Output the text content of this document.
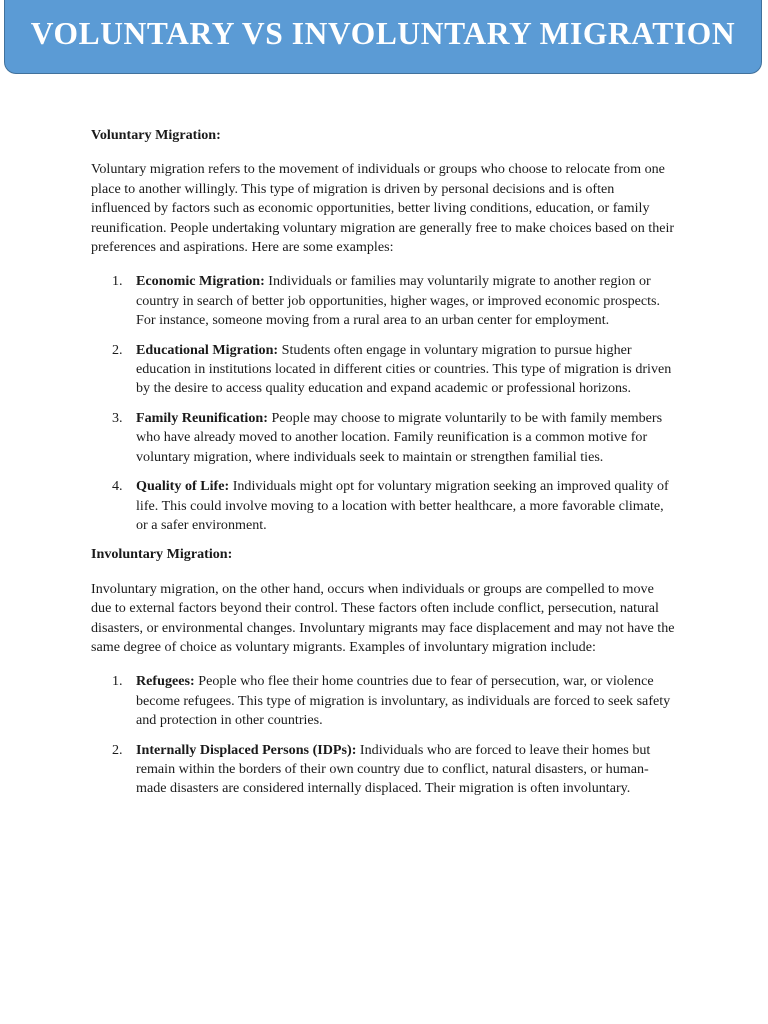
VOLUNTARY VS INVOLUNTARY MIGRATION

Voluntary Migration:

Voluntary migration refers to the movement of individuals or groups who choose to relocate from one place to another willingly. This type of migration is driven by personal decisions and is often influenced by factors such as economic opportunities, better living conditions, education, or family reunification. People undertaking voluntary migration are generally free to make choices based on their preferences and aspirations. Here are some examples:

1. Economic Migration: Individuals or families may voluntarily migrate to another region or country in search of better job opportunities, higher wages, or improved economic prospects. For instance, someone moving from a rural area to an urban center for employment.
2. Educational Migration: Students often engage in voluntary migration to pursue higher education in institutions located in different cities or countries. This type of migration is driven by the desire to access quality education and expand academic or professional horizons.
3. Family Reunification: People may choose to migrate voluntarily to be with family members who have already moved to another location. Family reunification is a common motive for voluntary migration, where individuals seek to maintain or strengthen familial ties.
4. Quality of Life: Individuals might opt for voluntary migration seeking an improved quality of life. This could involve moving to a location with better healthcare, a more favorable climate, or a safer environment.

Involuntary Migration:

Involuntary migration, on the other hand, occurs when individuals or groups are compelled to move due to external factors beyond their control. These factors often include conflict, persecution, natural disasters, or environmental changes. Involuntary migrants may face displacement and may not have the same degree of choice as voluntary migrants. Examples of involuntary migration include:

1. Refugees: People who flee their home countries due to fear of persecution, war, or violence become refugees. This type of migration is involuntary, as individuals are forced to seek safety and protection in other countries.
2. Internally Displaced Persons (IDPs): Individuals who are forced to leave their homes but remain within the borders of their own country due to conflict, natural disasters, or human-made disasters are considered internally displaced. Their migration is often involuntary.
